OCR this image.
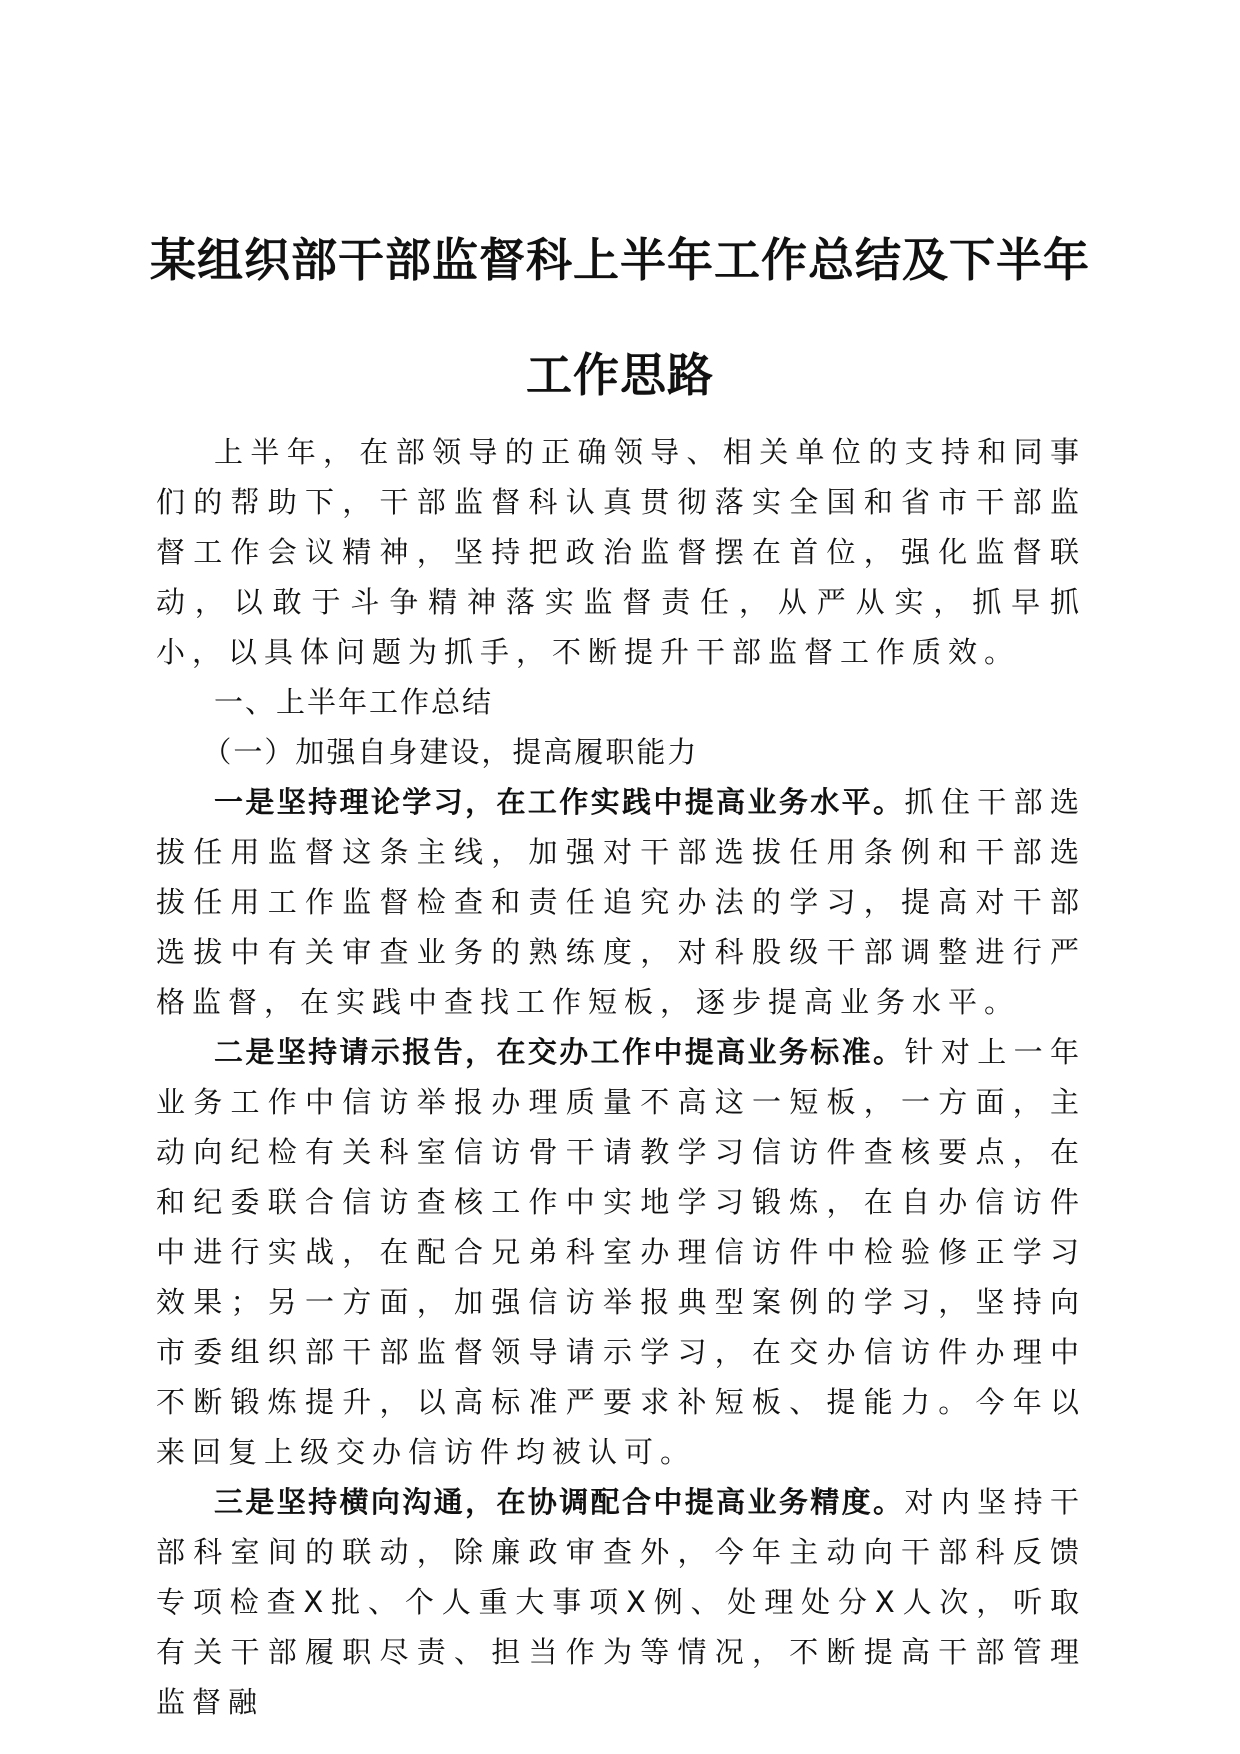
某组织部干部监督科上半年工作总结及下半年
工作思路

上半年，在部领导的正确领导、相关单位的支持和同事们的帮助下，干部监督科认真贯彻落实全国和省市干部监督工作会议精神，坚持把政治监督摆在首位，强化监督联动，以敢于斗争精神落实监督责任，从严从实，抓早抓小，以具体问题为抓手，不断提升干部监督工作质效。

一、上半年工作总结

（一）加强自身建设，提高履职能力

一是坚持理论学习，在工作实践中提高业务水平。抓住干部选拔任用监督这条主线，加强对干部选拔任用条例和干部选拔任用工作监督检查和责任追究办法的学习，提高对干部选拔中有关审查业务的熟练度，对科股级干部调整进行严格监督，在实践中查找工作短板，逐步提高业务水平。

二是坚持请示报告，在交办工作中提高业务标准。针对上一年业务工作中信访举报办理质量不高这一短板，一方面，主动向纪检有关科室信访骨干请教学习信访件查核要点，在和纪委联合信访查核工作中实地学习锻炼，在自办信访件中进行实战，在配合兄弟科室办理信访件中检验修正学习效果；另一方面，加强信访举报典型案例的学习，坚持向市委组织部干部监督领导请示学习，在交办信访件办理中不断锻炼提升，以高标准严要求补短板、提能力。今年以来回复上级交办信访件均被认可。

三是坚持横向沟通，在协调配合中提高业务精度。对内坚持干部科室间的联动，除廉政审查外，今年主动向干部科反馈专项检查X批、个人重大事项X例、处理处分X人次，听取有关干部履职尽责、担当作为等情况，不断提高干部管理监督融
